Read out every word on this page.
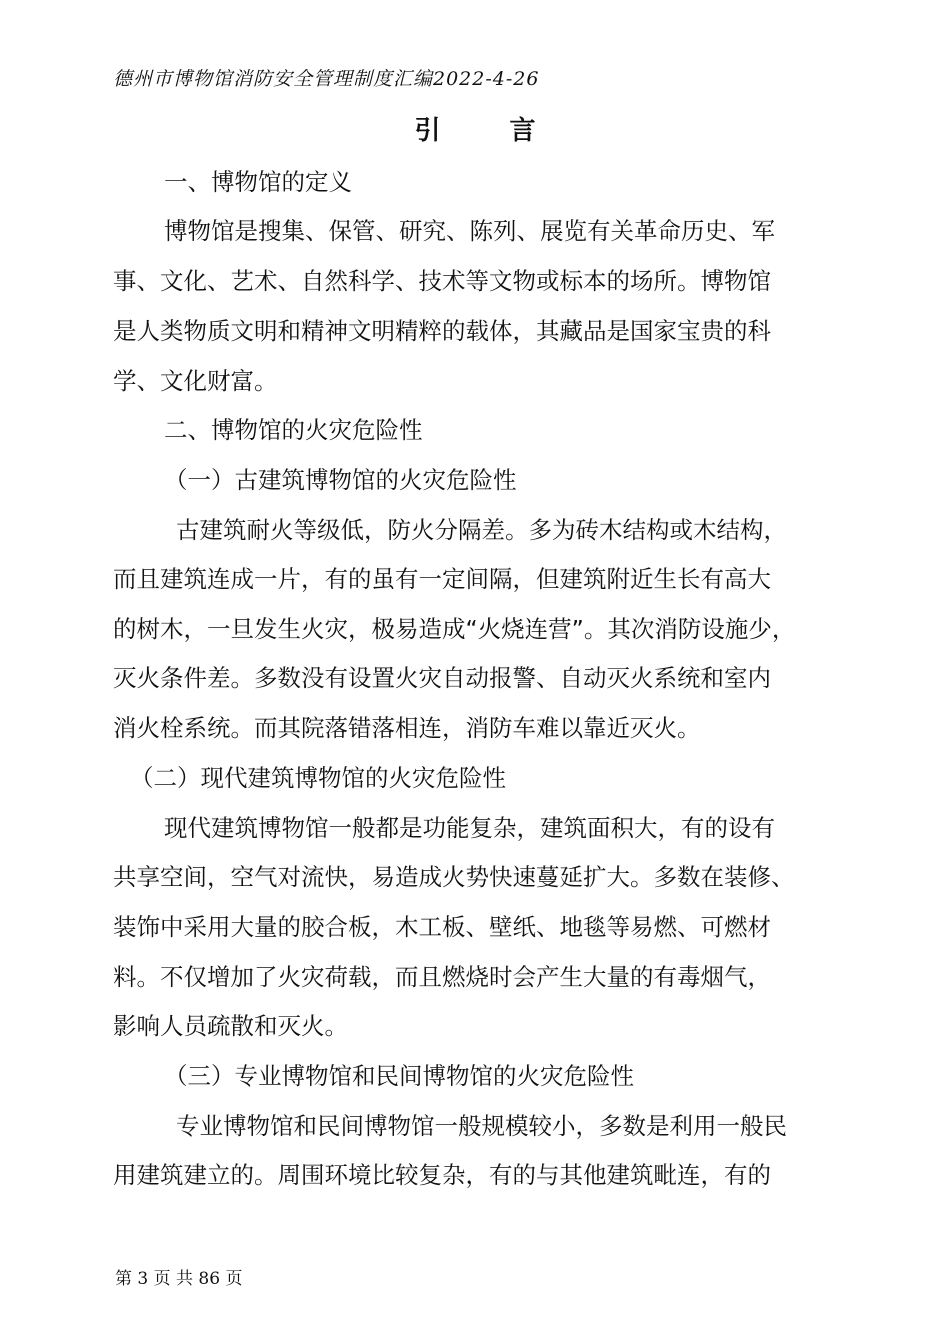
德州市博物馆消防安全管理制度汇编2022-4-26
引 言
一、博物馆的定义
博物馆是搜集、保管、研究、陈列、展览有关革命历史、军
事、文化、艺术、自然科学、技术等文物或标本的场所。博物馆
是人类物质文明和精神文明精粹的载体，其藏品是国家宝贵的科
学、文化财富。
二、博物馆的火灾危险性
（一）古建筑博物馆的火灾危险性
古建筑耐火等级低，防火分隔差。多为砖木结构或木结构，
而且建筑连成一片，有的虽有一定间隔，但建筑附近生长有高大
的树木，一旦发生火灾，极易造成“火烧连营”。其次消防设施少，
灭火条件差。多数没有设置火灾自动报警、自动灭火系统和室内
消火栓系统。而其院落错落相连，消防车难以靠近灭火。
（二）现代建筑博物馆的火灾危险性
现代建筑博物馆一般都是功能复杂，建筑面积大，有的设有
共享空间，空气对流快，易造成火势快速蔓延扩大。多数在装修、
装饰中采用大量的胶合板，木工板、壁纸、地毯等易燃、可燃材
料。不仅增加了火灾荷载，而且燃烧时会产生大量的有毒烟气，
影响人员疏散和灭火。
（三）专业博物馆和民间博物馆的火灾危险性
专业博物馆和民间博物馆一般规模较小，多数是利用一般民
用建筑建立的。周围环境比较复杂，有的与其他建筑毗连，有的
第 3 页 共 86 页
